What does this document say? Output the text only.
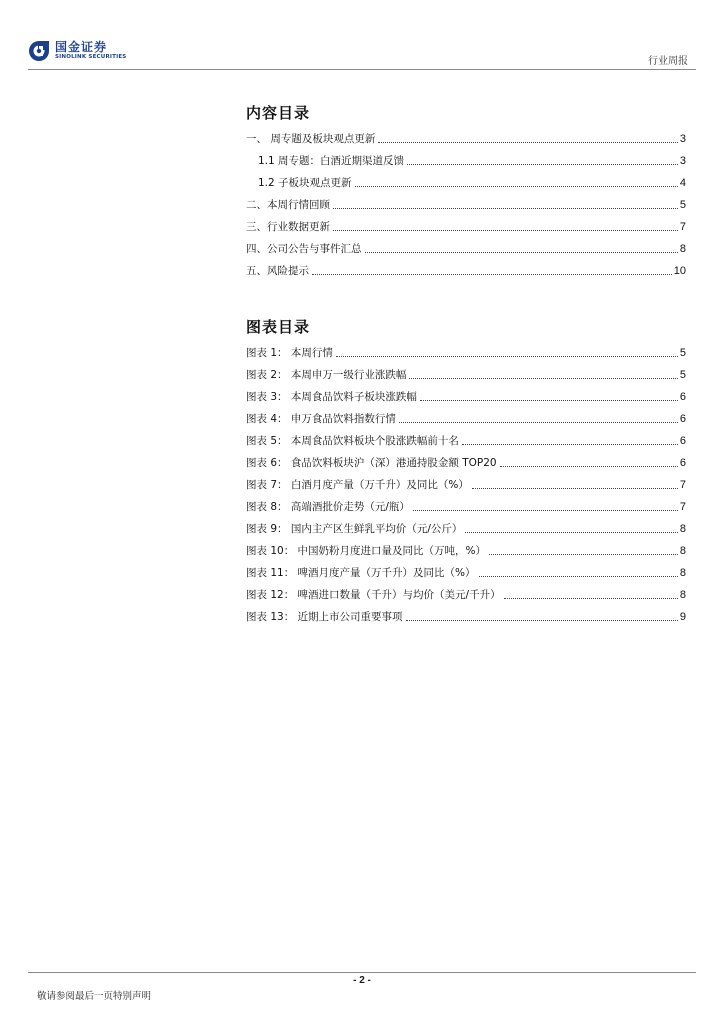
国金证券
SINOLINK SECURITIES	行业周报
内容目录
一、 周专题及板块观点更新	3
1.1 周专题：白酒近期渠道反馈	3
1.2 子板块观点更新	4
二、本周行情回顾	5
三、行业数据更新	7
四、公司公告与事件汇总	8
五、风险提示	10
图表目录
图表 1： 本周行情	5
图表 2： 本周申万一级行业涨跌幅	5
图表 3： 本周食品饮料子板块涨跌幅	6
图表 4： 申万食品饮料指数行情	6
图表 5： 本周食品饮料板块个股涨跌幅前十名	6
图表 6： 食品饮料板块沪（深）港通持股金额 TOP20	6
图表 7： 白酒月度产量（万千升）及同比（%）	7
图表 8： 高端酒批价走势（元/瓶）	7
图表 9： 国内主产区生鲜乳平均价（元/公斤）	8
图表 10： 中国奶粉月度进口量及同比（万吨，%）	8
图表 11： 啤酒月度产量（万千升）及同比（%）	8
图表 12： 啤酒进口数量（千升）与均价（美元/千升）	8
图表 13： 近期上市公司重要事项	9
- 2 -
敬请参阅最后一页特别声明
